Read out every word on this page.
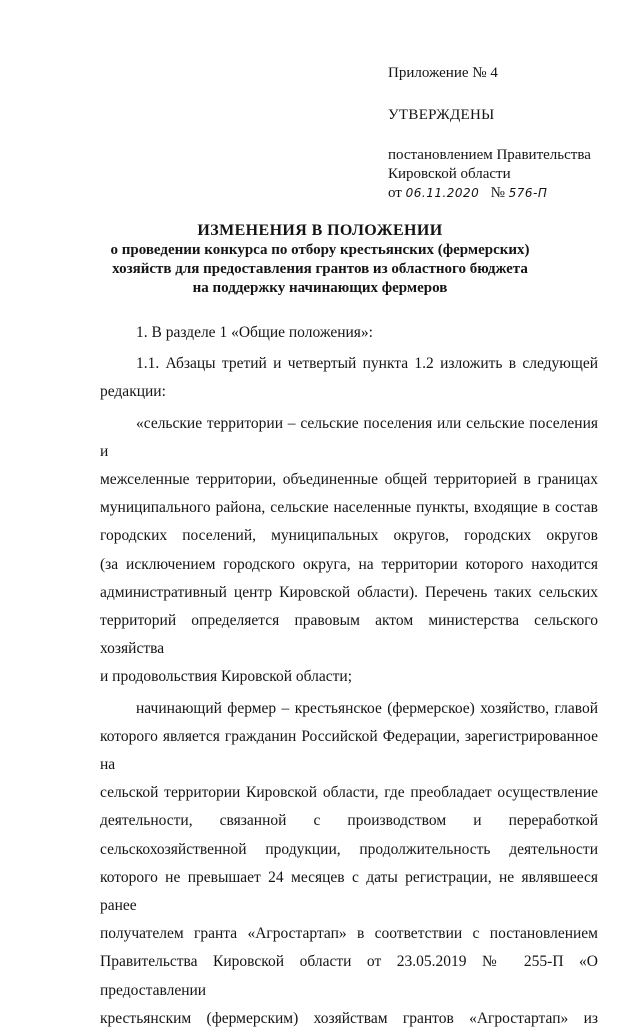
Приложение № 4
УТВЕРЖДЕНЫ
постановлением Правительства
Кировской области
от 06.11.2020 № 576-П
ИЗМЕНЕНИЯ В ПОЛОЖЕНИИ
о проведении конкурса по отбору крестьянских (фермерских)
хозяйств для предоставления грантов из областного бюджета
на поддержку начинающих фермеров

1. В разделе 1 «Общие положения»:

1.1. Абзацы третий и четвертый пункта 1.2 изложить в следующей
редакции:
«сельские территории – сельские поселения или сельские поселения и
межселенные территории, объединенные общей территорией в границах
муниципального района, сельские населенные пункты, входящие в состав
городских поселений, муниципальных округов, городских округов
(за исключением городского округа, на территории которого находится
административный центр Кировской области). Перечень таких сельских
территорий определяется правовым актом министерства сельского хозяйства
и продовольствия Кировской области;
начинающий фермер – крестьянское (фермерское) хозяйство, главой
которого является гражданин Российской Федерации, зарегистрированное на
сельской территории Кировской области, где преобладает осуществление
деятельности, связанной с производством и переработкой
сельскохозяйственной продукции, продолжительность деятельности
которого не превышает 24 месяцев с даты регистрации, не являвшееся ранее
получателем гранта «Агростартап» в соответствии с постановлением
Правительства Кировской области от 23.05.2019 № 255-П «О предоставлении
крестьянским (фермерским) хозяйствам грантов «Агростартап» из
